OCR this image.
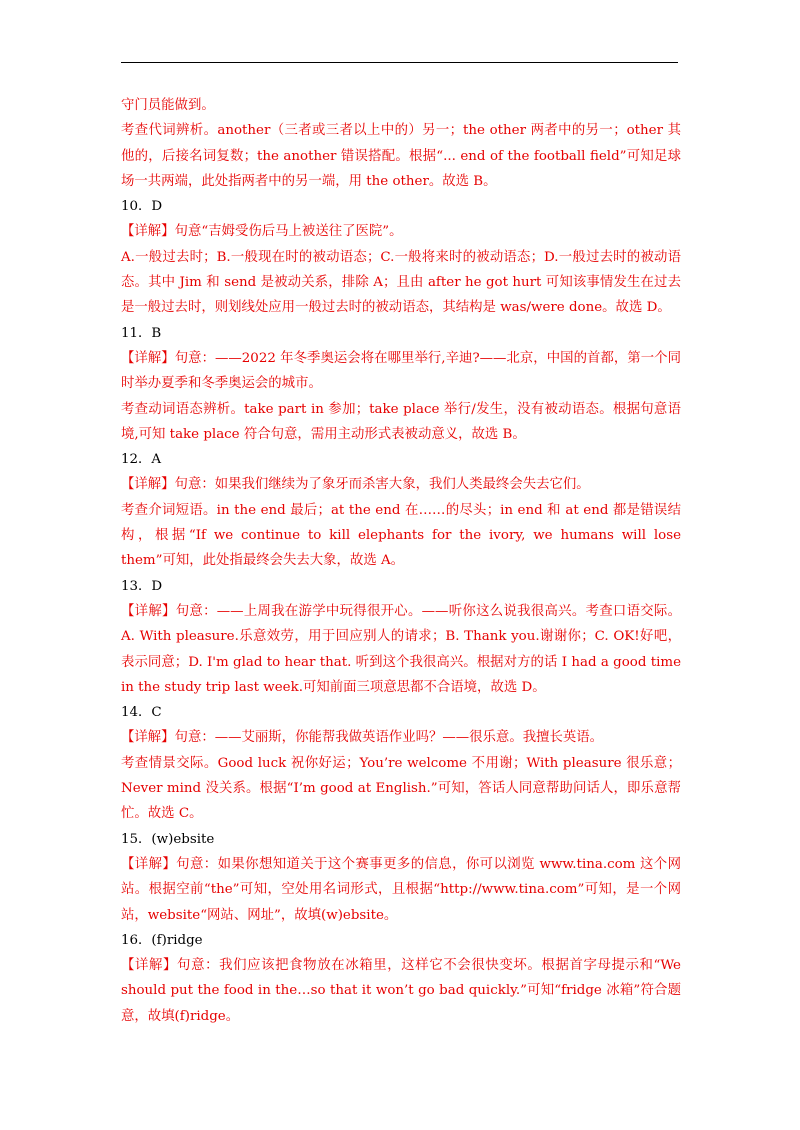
守门员能做到。

考查代词辨析。another（三者或三者以上中的）另一；the other 两者中的另一；other 其他的，后接名词复数；the another 错误搭配。根据“... end of the football field”可知足球场一共两端，此处指两者中的另一端，用 the other。故选 B。

10．D

【详解】句意“吉姆受伤后马上被送往了医院”。

A.一般过去时；B.一般现在时的被动语态；C.一般将来时的被动语态；D.一般过去时的被动语态。其中 Jim 和 send 是被动关系，排除 A；且由 after he got hurt 可知该事情发生在过去是一般过去时，则划线处应用一般过去时的被动语态，其结构是 was/were done。故选 D。

11．B

【详解】句意：——2022 年冬季奥运会将在哪里举行,辛迪?——北京，中国的首都，第一个同时举办夏季和冬季奥运会的城市。

考查动词语态辨析。take part in 参加；take place 举行/发生，没有被动语态。根据句意语境,可知 take place 符合句意，需用主动形式表被动意义，故选 B。

12．A

【详解】句意：如果我们继续为了象牙而杀害大象，我们人类最终会失去它们。

考查介词短语。in the end 最后；at the end 在……的尽头；in end 和 at end 都是错误结构，根据“If we continue to kill elephants for the ivory, we humans will lose them”可知，此处指最终会失去大象，故选 A。

13．D

【详解】句意：——上周我在游学中玩得很开心。——听你这么说我很高兴。考查口语交际。A. With pleasure.乐意效劳，用于回应别人的请求；B. Thank you.谢谢你；C. OK!好吧，表示同意；D. I'm glad to hear that. 听到这个我很高兴。根据对方的话 I had a good time in the study trip last week.可知前面三项意思都不合语境，故选 D。

14．C

【详解】句意：——艾丽斯，你能帮我做英语作业吗？——很乐意。我擅长英语。

考查情景交际。Good luck 祝你好运；You’re welcome 不用谢；With pleasure 很乐意；Never mind 没关系。根据“I’m good at English.”可知，答话人同意帮助问话人，即乐意帮忙。故选 C。

15．(w)ebsite

【详解】句意：如果你想知道关于这个赛事更多的信息，你可以浏览 www.tina.com 这个网站。根据空前“the”可知，空处用名词形式，且根据“http://www.tina.com”可知，是一个网站，website“网站、网址”，故填(w)ebsite。

16．(f)ridge

【详解】句意：我们应该把食物放在冰箱里，这样它不会很快变坏。根据首字母提示和“We should put the food in the…so that it won’t go bad quickly.”可知“fridge 冰箱”符合题意，故填(f)ridge。
